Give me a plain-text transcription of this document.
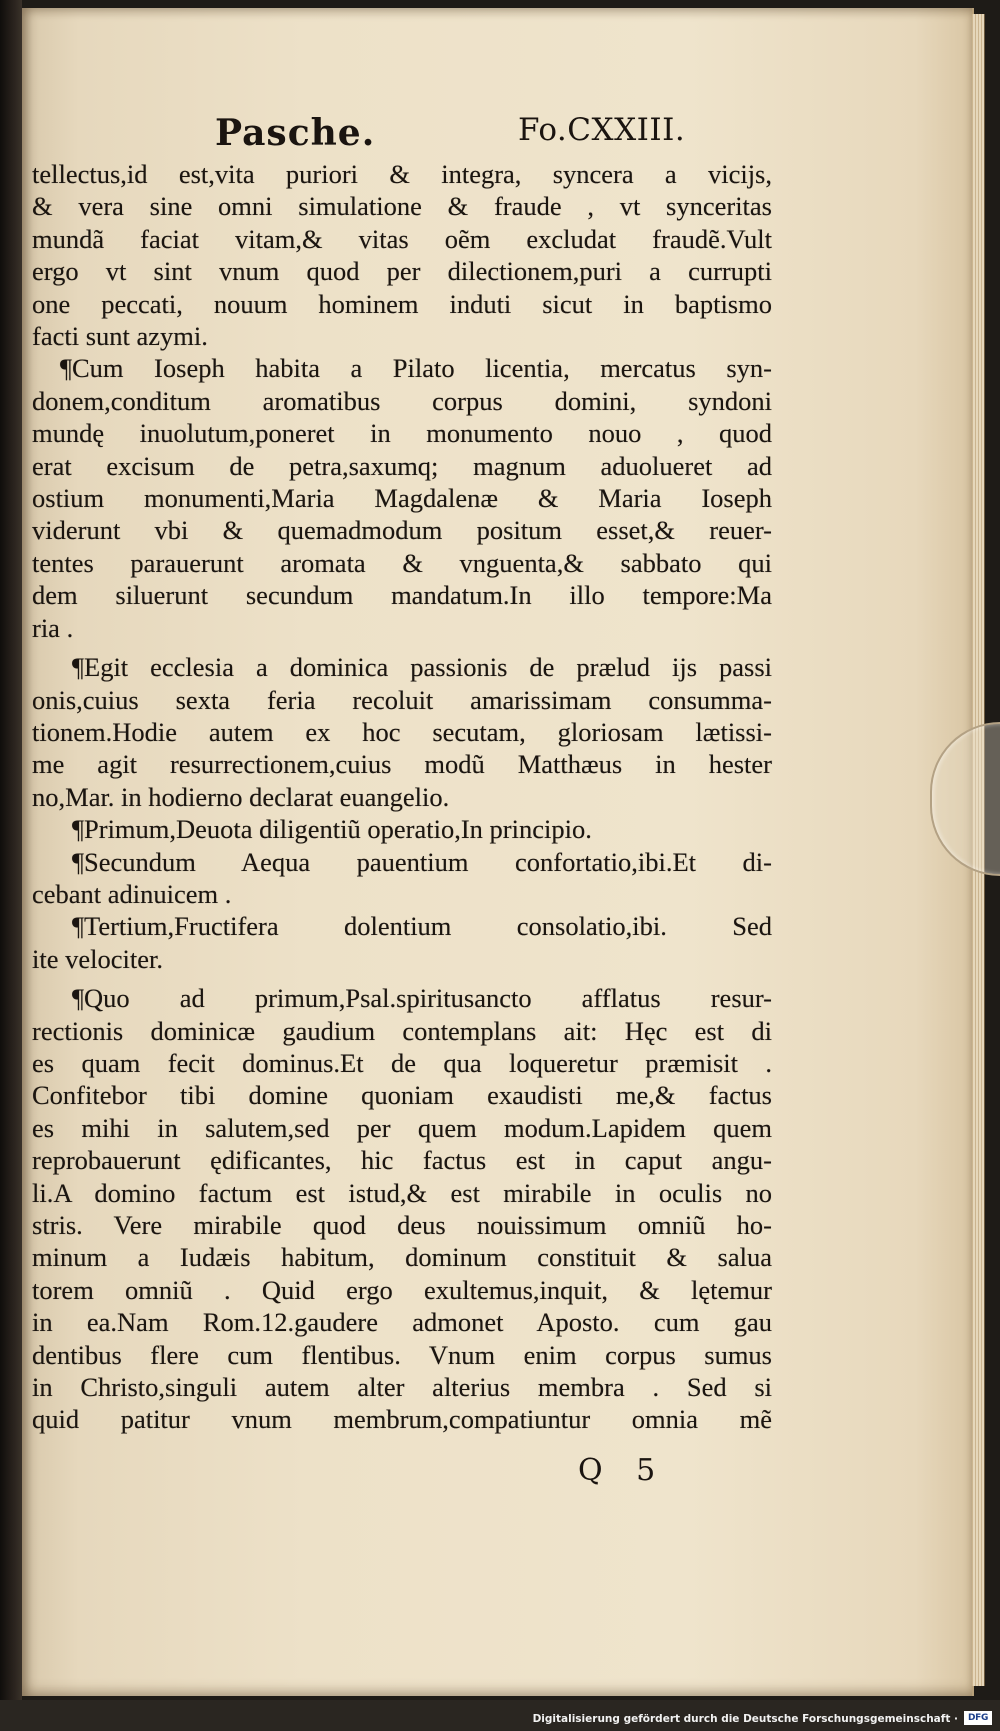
Pasche.	Fo.CXXIII.
tellectus,id est,vita puriori & integra, syncera a vicijs,
& vera sine omni simulatione & fraude , vt synceritas
mundã faciat vitam,& vitas oẽm excludat fraudẽ.Vult
ergo vt sint vnum quod per dilectionem,puri a currupti
one peccati, nouum hominem induti sicut in baptismo
facti sunt azymi.
¶Cum Ioseph habita a Pilato licentia, mercatus syn-
donem,conditum aromatibus corpus domini, syndoni
mundę inuolutum,poneret in monumento nouo , quod
erat excisum de petra,saxumq; magnum aduolueret ad
ostium monumenti,Maria Magdalenæ & Maria Ioseph
viderunt vbi & quemadmodum positum esset,& reuer-
tentes parauerunt aromata & vnguenta,& sabbato qui
dem siluerunt secundum mandatum.In illo tempore:Ma
ria .
¶Egit ecclesia a dominica passionis de prælud ijs passi
onis,cuius sexta feria recoluit amarissimam consumma-
tionem.Hodie autem ex hoc secutam, gloriosam lætissi-
me agit resurrectionem,cuius modũ Matthæus in hester
no,Mar. in hodierno declarat euangelio.
¶Primum,Deuota diligentiũ operatio,In principio.
¶Secundum Aequa pauentium confortatio,ibi.Et di-
cebant adinuicem .
¶Tertium,Fructifera dolentium consolatio,ibi. Sed
ite velociter.
¶Quo ad primum,Psal.spiritusancto afflatus resur-
rectionis dominicæ gaudium contemplans ait: Hęc est di
es quam fecit dominus.Et de qua loqueretur præmisit .
Confitebor tibi domine quoniam exaudisti me,& factus
es mihi in salutem,sed per quem modum.Lapidem quem
reprobauerunt ędificantes, hic factus est in caput angu-
li.A domino factum est istud,& est mirabile in oculis no
stris. Vere mirabile quod deus nouissimum omniũ ho-
minum a Iudæis habitum, dominum constituit & salua
torem omniũ . Quid ergo exultemus,inquit, & lętemur
in ea.Nam Rom.12.gaudere admonet Aposto. cum gau
dentibus flere cum flentibus. Vnum enim corpus sumus
in Christo,singuli autem alter alterius membra . Sed si
quid patitur vnum membrum,compatiuntur omnia mẽ
Q 5
Digitalisierung gefördert durch die Deutsche Forschungsgemeinschaft ·	DFG
